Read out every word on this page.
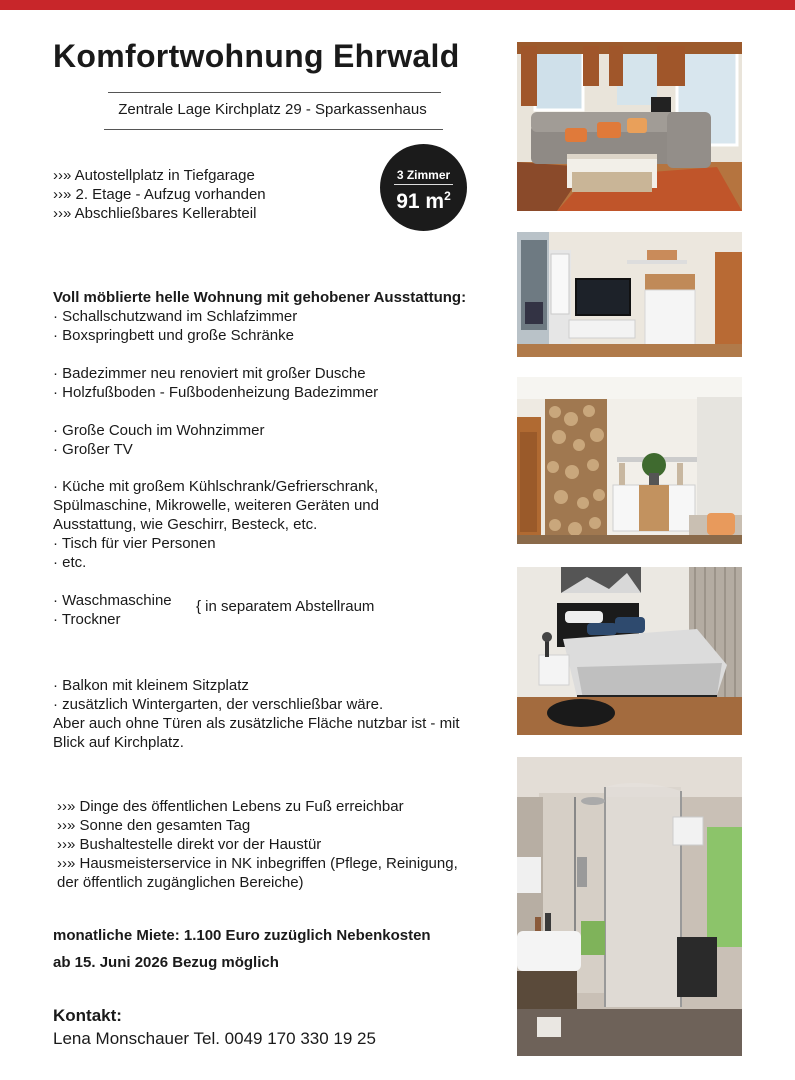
Komfortwohnung Ehrwald
Zentrale Lage Kirchplatz 29 - Sparkassenhaus
››» Autostellplatz in Tiefgarage
››» 2. Etage - Aufzug vorhanden
››» Abschließbares Kellerabteil
3 Zimmer
91 $m^2$
Voll möblierte helle Wohnung mit gehobener Ausstattung:
· Schallschutzwand im Schlafzimmer
· Boxspringbett und große Schränke
· Badezimmer neu renoviert mit großer Dusche
· Holzfußboden - Fußbodenheizung Badezimmer
· Große Couch im Wohnzimmer
· Großer TV
· Küche mit großem Kühlschrank/Gefrierschrank,
Spülmaschine, Mikrowelle, weiteren Geräten und
Ausstattung, wie Geschirr, Besteck, etc.
· Tisch für vier Personen
· etc.
· Waschmaschine
· Trockner
{ in separatem Abstellraum
· Balkon mit kleinem Sitzplatz
· zusätzlich Wintergarten, der verschließbar wäre.
Aber auch ohne Türen als zusätzliche Fläche nutzbar ist - mit
Blick auf Kirchplatz.
››» Dinge des öffentlichen Lebens zu Fuß erreichbar
››» Sonne den gesamten Tag
››» Bushaltestelle direkt vor der Haustür
››» Hausmeisterservice in NK inbegriffen (Pflege, Reinigung,
der öffentlich zugänglichen Bereiche)
monatliche Miete: 1.100 Euro zuzüglich Nebenkosten
ab 15. Juni 2026 Bezug möglich
Kontakt:
Lena Monschauer Tel. 0049 170 330 19 25
